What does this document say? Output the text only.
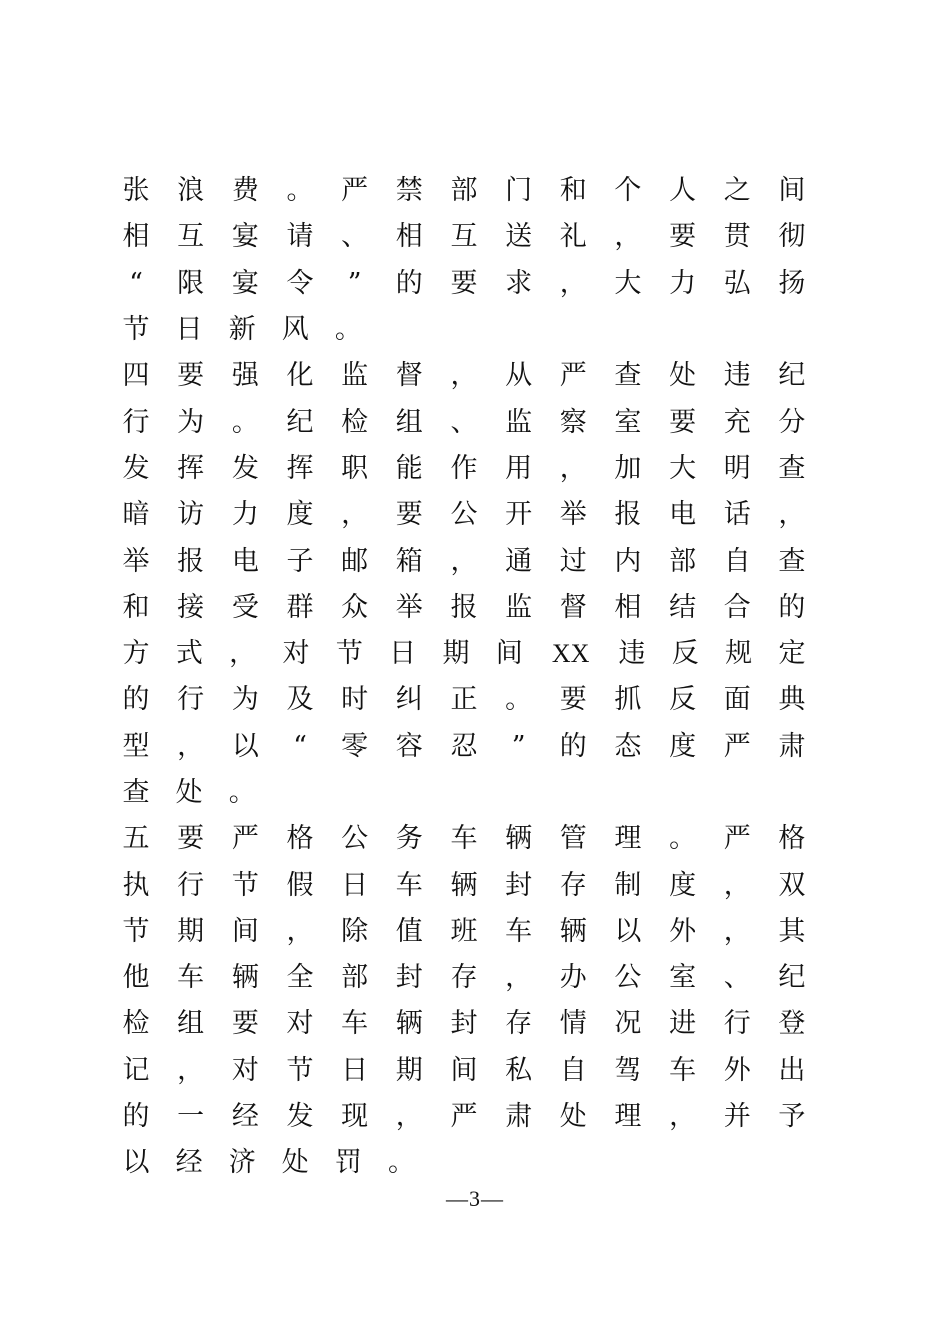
张 浪 费 。 严 禁 部 门 和 个 人 之 间
相 互 宴 请 、 相 互 送 礼 ， 要 贯 彻
“ 限 宴 令 ” 的 要 求 ， 大 力 弘 扬
节 日 新 风 。
四 要 强 化 监 督 ， 从 严 查 处 违 纪
行 为 。 纪 检 组 、 监 察 室 要 充 分
发 挥 发 挥 职 能 作 用 ， 加 大 明 查
暗 访 力 度 ， 要 公 开 举 报 电 话 ，
举 报 电 子 邮 箱 ， 通 过 内 部 自 查
和 接 受 群 众 举 报 监 督 相 结 合 的
方 式 ， 对 节 日 期 间 XX 违 反 规 定
的 行 为 及 时 纠 正 。 要 抓 反 面 典
型 ， 以 “ 零 容 忍 ” 的 态 度 严 肃
查 处 。
五 要 严 格 公 务 车 辆 管 理 。 严 格
执 行 节 假 日 车 辆 封 存 制 度 ， 双
节 期 间 ， 除 值 班 车 辆 以 外 ， 其
他 车 辆 全 部 封 存 ， 办 公 室 、 纪
检 组 要 对 车 辆 封 存 情 况 进 行 登
记 ， 对 节 日 期 间 私 自 驾 车 外 出
的 一 经 发 现 ， 严 肃 处 理 ， 并 予
以 经 济 处 罚 。
—3—
